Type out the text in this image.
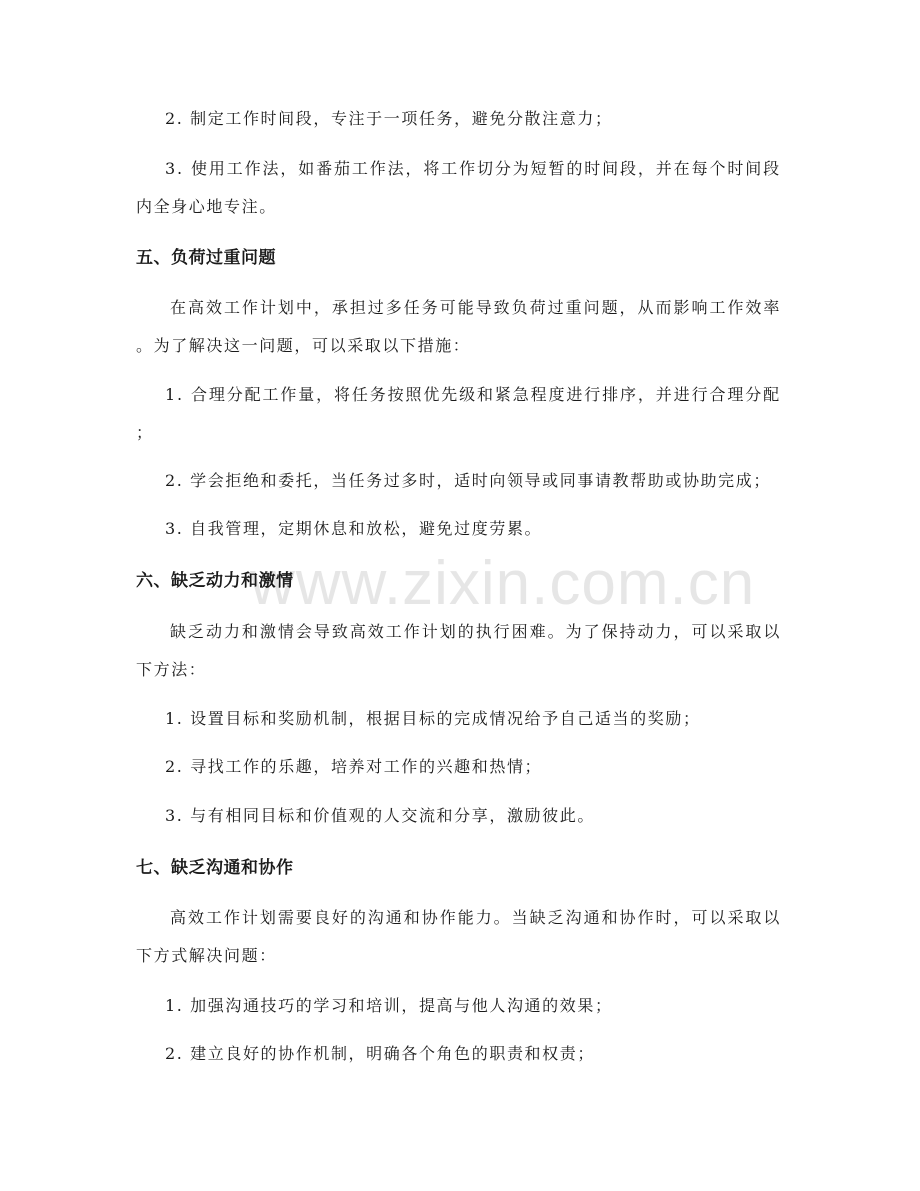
www.zixin.com.cn

2. 制定工作时间段，专注于一项任务，避免分散注意力；

3. 使用工作法，如番茄工作法，将工作切分为短暂的时间段，并在每个时间段

内全身心地专注。

五、负荷过重问题

在高效工作计划中，承担过多任务可能导致负荷过重问题，从而影响工作效率

。为了解决这一问题，可以采取以下措施：

1. 合理分配工作量，将任务按照优先级和紧急程度进行排序，并进行合理分配

；

2. 学会拒绝和委托，当任务过多时，适时向领导或同事请教帮助或协助完成；

3. 自我管理，定期休息和放松，避免过度劳累。

六、缺乏动力和激情

缺乏动力和激情会导致高效工作计划的执行困难。为了保持动力，可以采取以

下方法：

1. 设置目标和奖励机制，根据目标的完成情况给予自己适当的奖励；

2. 寻找工作的乐趣，培养对工作的兴趣和热情；

3. 与有相同目标和价值观的人交流和分享，激励彼此。

七、缺乏沟通和协作

高效工作计划需要良好的沟通和协作能力。当缺乏沟通和协作时，可以采取以

下方式解决问题：

1. 加强沟通技巧的学习和培训，提高与他人沟通的效果；

2. 建立良好的协作机制，明确各个角色的职责和权责；
